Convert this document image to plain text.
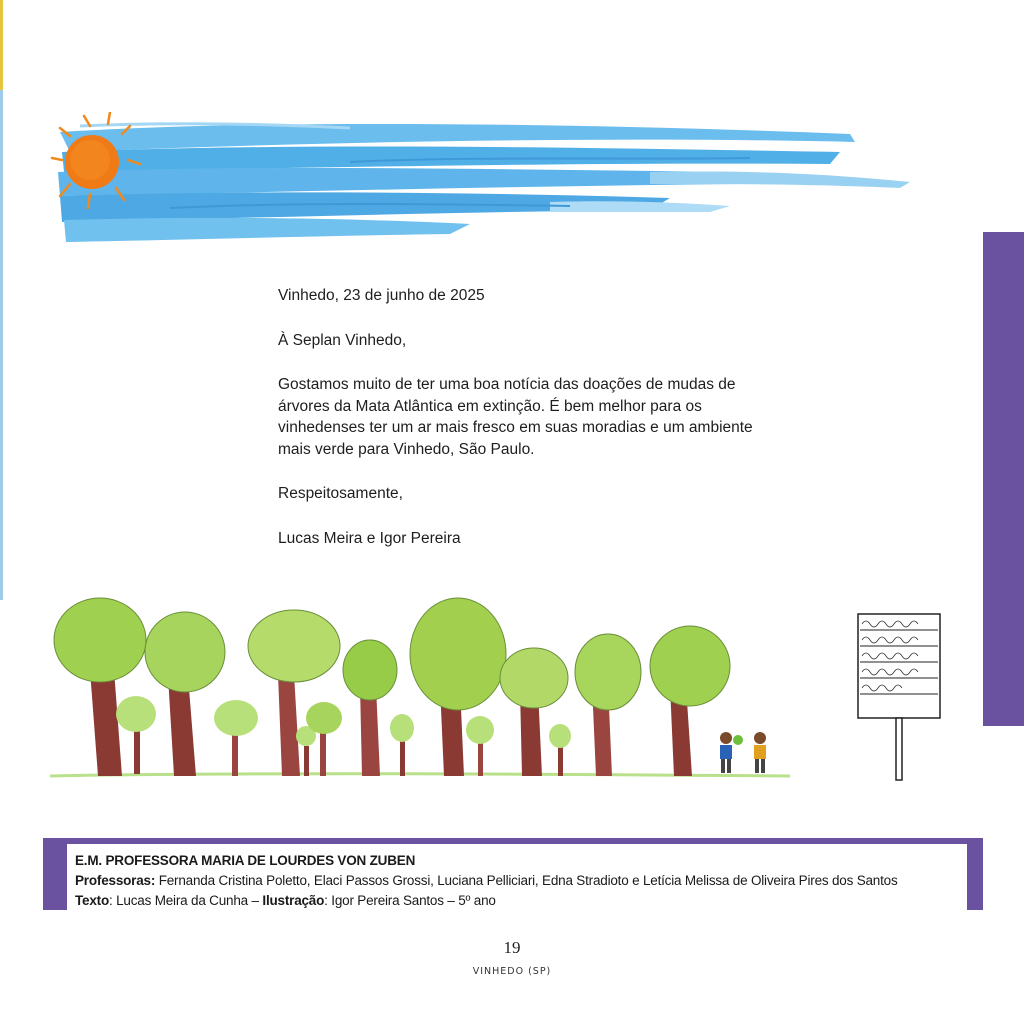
Vinhedo, 23 de junho de 2025

À Seplan Vinhedo,

Gostamos muito de ter uma boa notícia das doações de mudas de árvores da Mata Atlântica em extinção. É bem melhor para os vinhedenses ter um ar mais fresco em suas moradias e um ambiente mais verde para Vinhedo, São Paulo.

Respeitosamente,

Lucas Meira e Igor Pereira

E.M. PROFESSORA MARIA DE LOURDES VON ZUBEN
Professoras: Fernanda Cristina Poletto, Elaci Passos Grossi, Luciana Pelliciari, Edna Stradioto e Letícia Melissa de Oliveira Pires dos Santos
Texto: Lucas Meira da Cunha – Ilustração: Igor Pereira Santos – 5º ano
19
VINHEDO (SP)
